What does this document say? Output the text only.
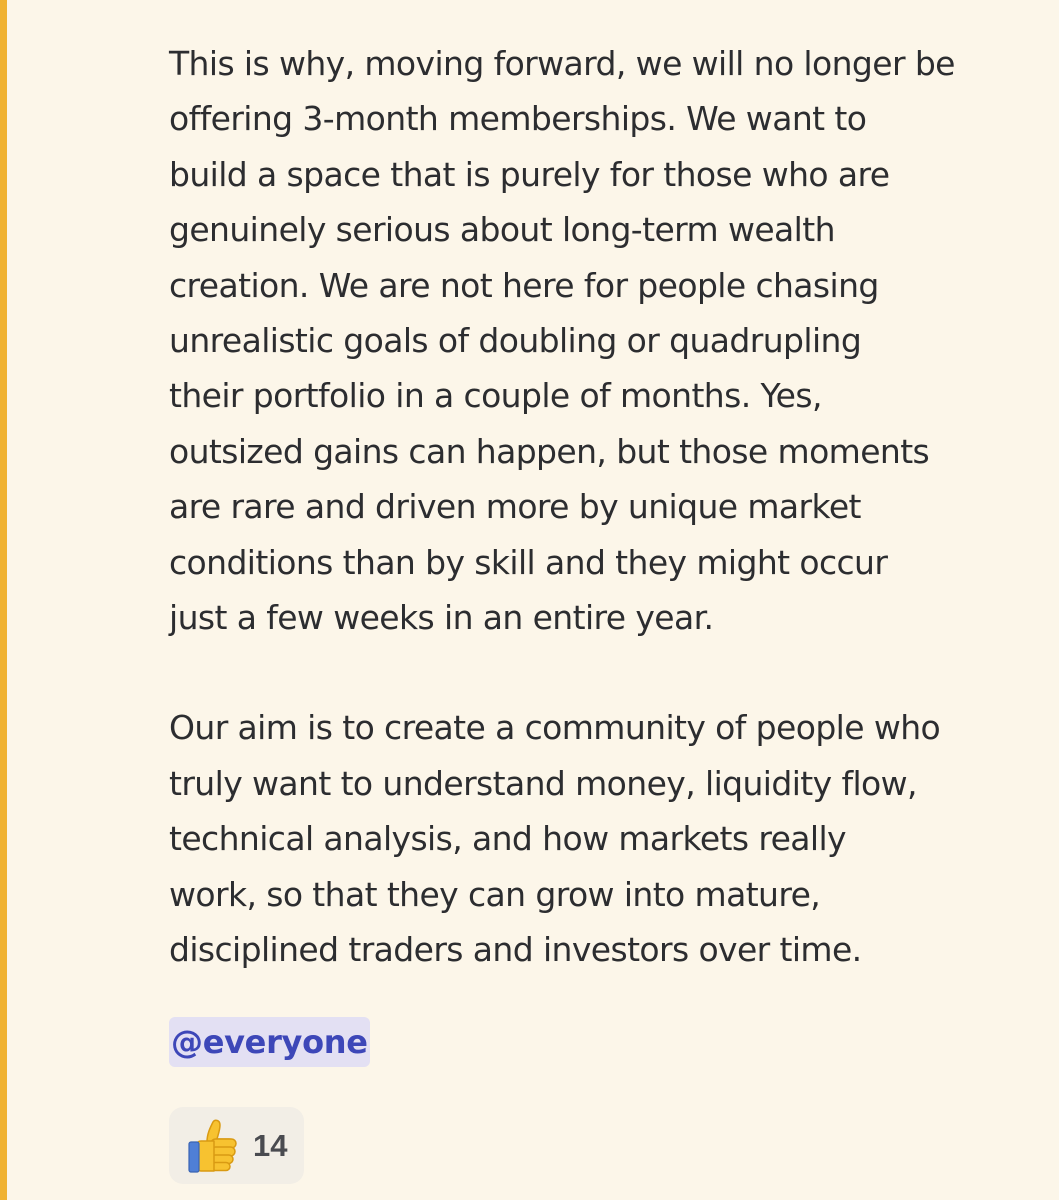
This is why, moving forward, we will no longer be
offering 3-month memberships. We want to
build a space that is purely for those who are
genuinely serious about long-term wealth
creation. We are not here for people chasing
unrealistic goals of doubling or quadrupling
their portfolio in a couple of months. Yes,
outsized gains can happen, but those moments
are rare and driven more by unique market
conditions than by skill and they might occur
just a few weeks in an entire year.

Our aim is to create a community of people who
truly want to understand money, liquidity flow,
technical analysis, and how markets really
work, so that they can grow into mature,
disciplined traders and investors over time.

@everyone
14
